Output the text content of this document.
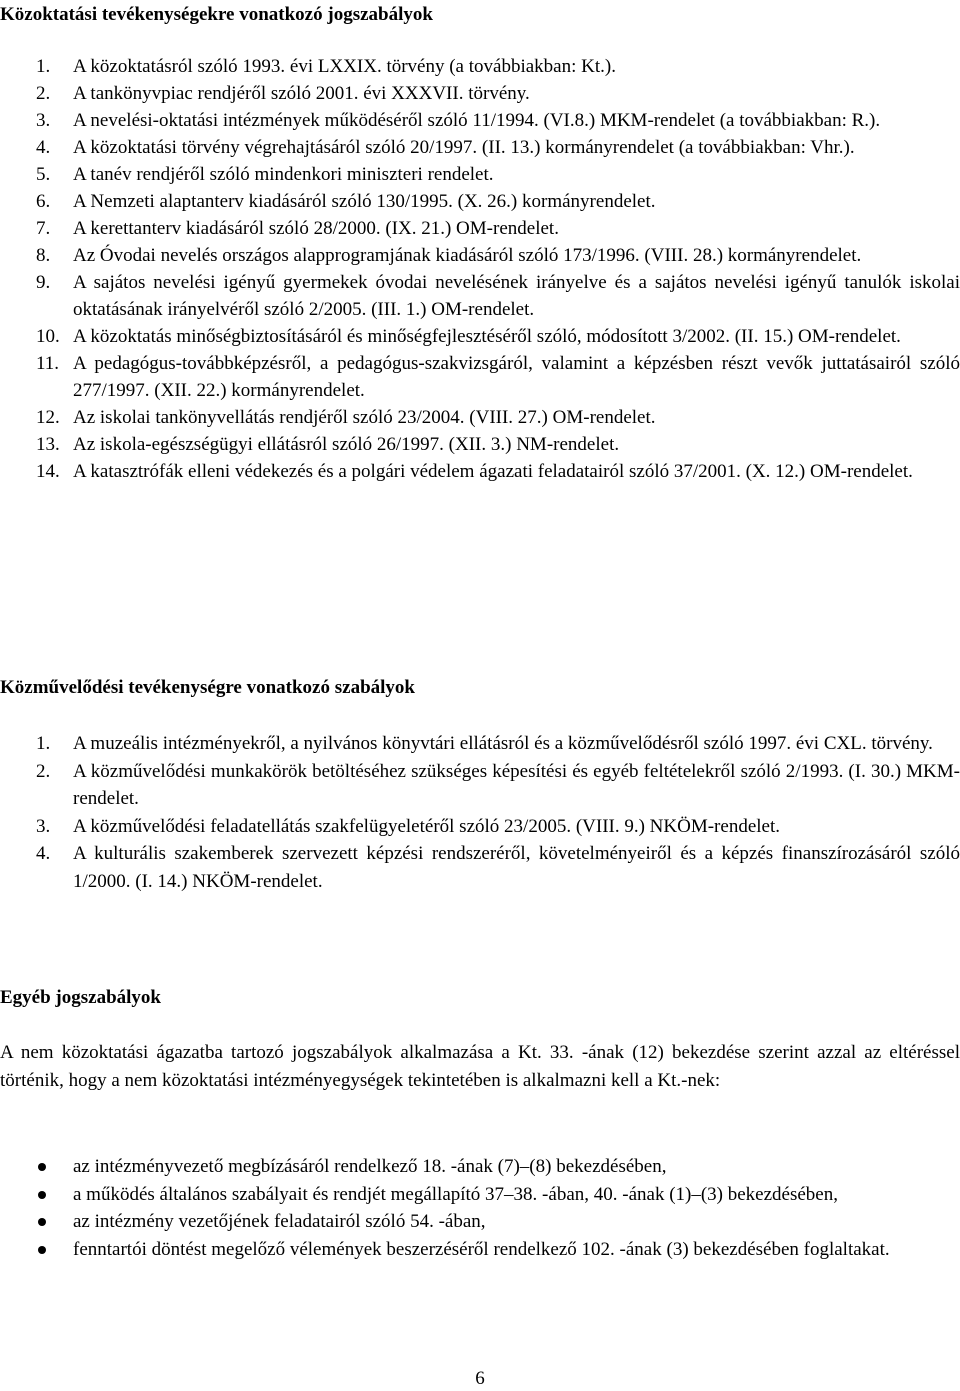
Közoktatási tevékenységekre vonatkozó jogszabályok
1. A közoktatásról szóló 1993. évi LXXIX. törvény (a továbbiakban: Kt.).
2. A tankönyvpiac rendjéről szóló 2001. évi XXXVII. törvény.
3. A nevelési-oktatási intézmények működéséről szóló 11/1994. (VI.8.) MKM-rendelet (a továbbiakban: R.).
4. A közoktatási törvény végrehajtásáról szóló 20/1997. (II. 13.) kormányrendelet (a továbbiakban: Vhr.).
5. A tanév rendjéről szóló mindenkori miniszteri rendelet.
6. A Nemzeti alaptanterv kiadásáról szóló 130/1995. (X. 26.) kormányrendelet.
7. A kerettanterv kiadásáról szóló 28/2000. (IX. 21.) OM-rendelet.
8. Az Óvodai nevelés országos alapprogramjának kiadásáról szóló 173/1996. (VIII. 28.) kormányrendelet.
9. A sajátos nevelési igényű gyermekek óvodai nevelésének irányelve és a sajátos nevelési igényű tanulók iskolai oktatásának irányelvéről szóló 2/2005. (III. 1.) OM-rendelet.
10. A közoktatás minőségbiztosításáról és minőségfejlesztéséről szóló, módosított 3/2002. (II. 15.) OM-rendelet.
11. A pedagógus-továbbképzésről, a pedagógus-szakvizsgáról, valamint a képzésben részt vevők juttatásairól szóló 277/1997. (XII. 22.) kormányrendelet.
12. Az iskolai tankönyvellátás rendjéről szóló 23/2004. (VIII. 27.) OM-rendelet.
13. Az iskola-egészségügyi ellátásról szóló 26/1997. (XII. 3.) NM-rendelet.
14. A katasztrófák elleni védekezés és a polgári védelem ágazati feladatairól szóló 37/2001. (X. 12.) OM-rendelet.
Közművelődési tevékenységre vonatkozó szabályok
1. A muzeális intézményekről, a nyilvános könyvtári ellátásról és a közművelődésről szóló 1997. évi CXL. törvény.
2. A közművelődési munkakörök betöltéséhez szükséges képesítési és egyéb feltételekről szóló 2/1993. (I. 30.) MKM-rendelet.
3. A közművelődési feladatellátás szakfelügyeletéről szóló 23/2005. (VIII. 9.) NKÖM-rendelet.
4. A kulturális szakemberek szervezett képzési rendszeréről, követelményeiről és a képzés finanszírozásáról szóló 1/2000. (I. 14.) NKÖM-rendelet.
Egyéb jogszabályok

A nem közoktatási ágazatba tartozó jogszabályok alkalmazása a Kt. 33. -ának (12) bekezdése szerint azzal az eltéréssel történik, hogy a nem közoktatási intézményegységek tekintetében is alkalmazni kell a Kt.-nek:

az intézményvezető megbízásáról rendelkező 18. -ának (7)–(8) bekezdésében,
a működés általános szabályait és rendjét megállapító 37–38. -ában, 40. -ának (1)–(3) bekezdésében,
az intézmény vezetőjének feladatairól szóló 54. -ában,
fenntartói döntést megelőző vélemények beszerzéséről rendelkező 102. -ának (3) bekezdésében foglaltakat.
6
